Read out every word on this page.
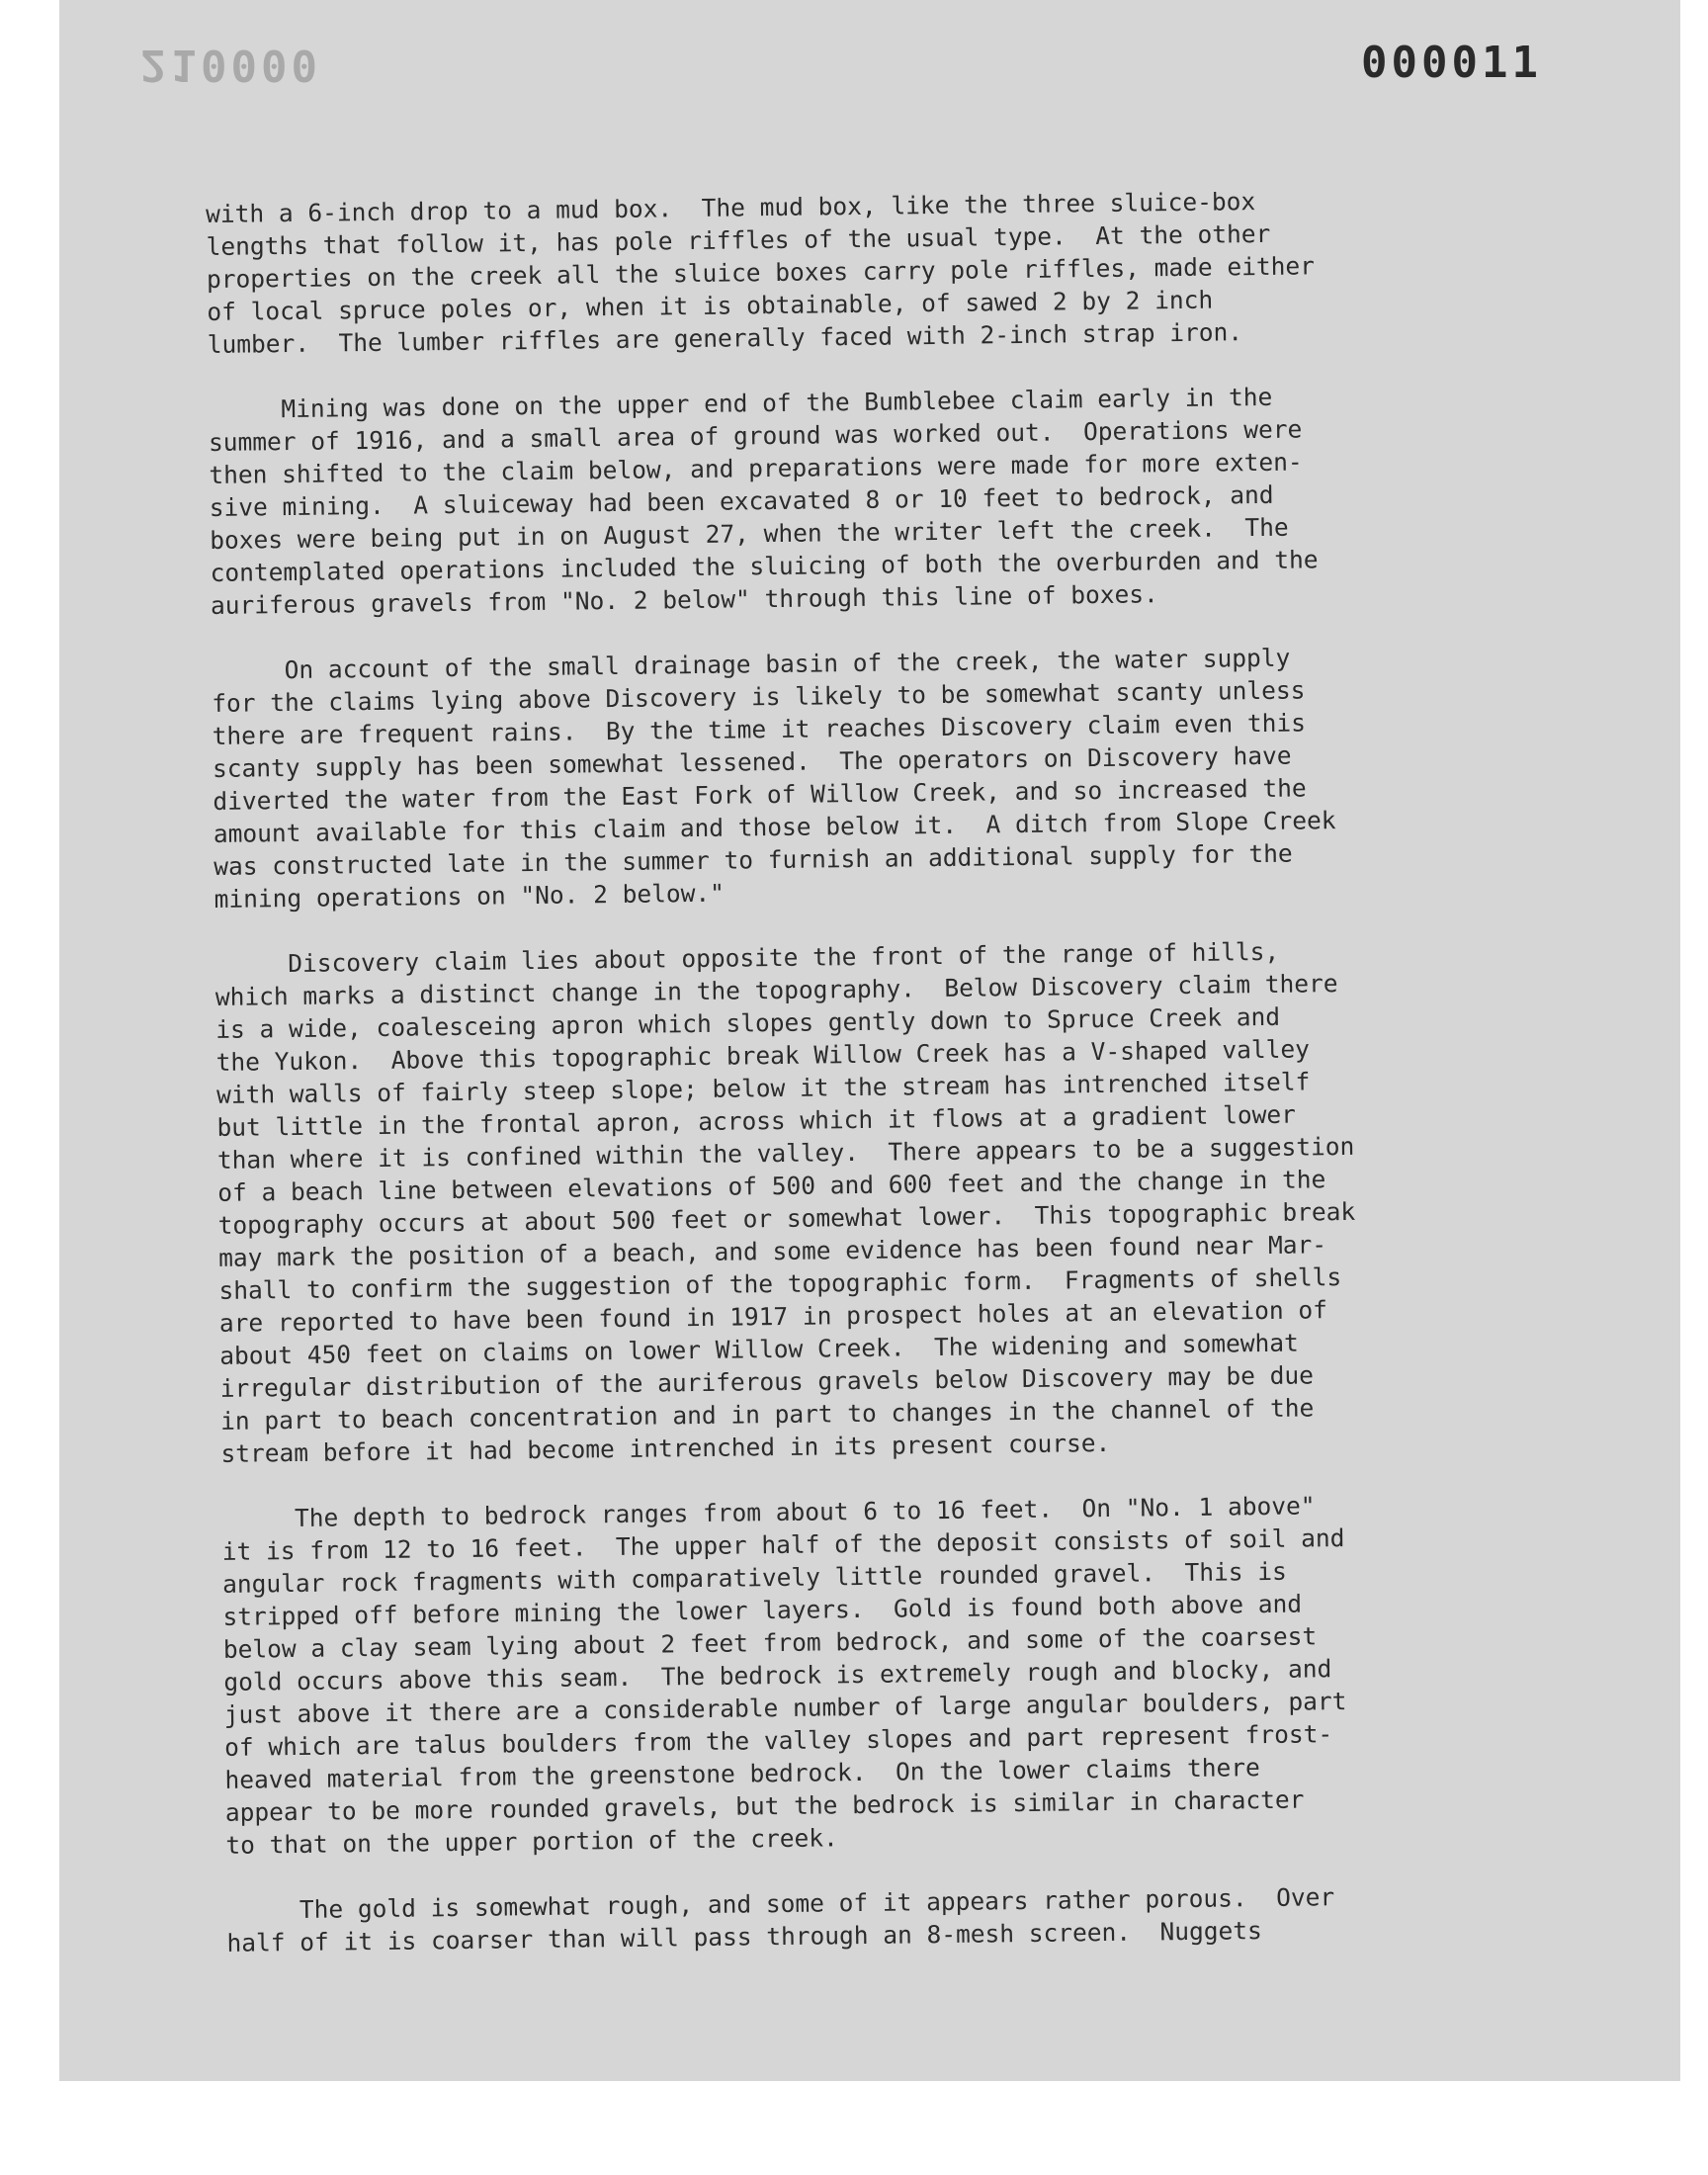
210000	000011

with a 6-inch drop to a mud box.  The mud box, like the three sluice-box
lengths that follow it, has pole riffles of the usual type.  At the other
properties on the creek all the sluice boxes carry pole riffles, made either
of local spruce poles or, when it is obtainable, of sawed 2 by 2 inch
lumber.  The lumber riffles are generally faced with 2-inch strap iron.

Mining was done on the upper end of the Bumblebee claim early in the
summer of 1916, and a small area of ground was worked out.  Operations were
then shifted to the claim below, and preparations were made for more exten-
sive mining.  A sluiceway had been excavated 8 or 10 feet to bedrock, and
boxes were being put in on August 27, when the writer left the creek.  The
contemplated operations included the sluicing of both the overburden and the
auriferous gravels from "No. 2 below" through this line of boxes.

On account of the small drainage basin of the creek, the water supply
for the claims lying above Discovery is likely to be somewhat scanty unless
there are frequent rains.  By the time it reaches Discovery claim even this
scanty supply has been somewhat lessened.  The operators on Discovery have
diverted the water from the East Fork of Willow Creek, and so increased the
amount available for this claim and those below it.  A ditch from Slope Creek
was constructed late in the summer to furnish an additional supply for the
mining operations on "No. 2 below."

Discovery claim lies about opposite the front of the range of hills,
which marks a distinct change in the topography.  Below Discovery claim there
is a wide, coalesceing apron which slopes gently down to Spruce Creek and
the Yukon.  Above this topographic break Willow Creek has a V-shaped valley
with walls of fairly steep slope; below it the stream has intrenched itself
but little in the frontal apron, across which it flows at a gradient lower
than where it is confined within the valley.  There appears to be a suggestion
of a beach line between elevations of 500 and 600 feet and the change in the
topography occurs at about 500 feet or somewhat lower.  This topographic break
may mark the position of a beach, and some evidence has been found near Mar-
shall to confirm the suggestion of the topographic form.  Fragments of shells
are reported to have been found in 1917 in prospect holes at an elevation of
about 450 feet on claims on lower Willow Creek.  The widening and somewhat
irregular distribution of the auriferous gravels below Discovery may be due
in part to beach concentration and in part to changes in the channel of the
stream before it had become intrenched in its present course.

The depth to bedrock ranges from about 6 to 16 feet.  On "No. 1 above"
it is from 12 to 16 feet.  The upper half of the deposit consists of soil and
angular rock fragments with comparatively little rounded gravel.  This is
stripped off before mining the lower layers.  Gold is found both above and
below a clay seam lying about 2 feet from bedrock, and some of the coarsest
gold occurs above this seam.  The bedrock is extremely rough and blocky, and
just above it there are a considerable number of large angular boulders, part
of which are talus boulders from the valley slopes and part represent frost-
heaved material from the greenstone bedrock.  On the lower claims there
appear to be more rounded gravels, but the bedrock is similar in character
to that on the upper portion of the creek.

The gold is somewhat rough, and some of it appears rather porous.  Over
half of it is coarser than will pass through an 8-mesh screen.  Nuggets
